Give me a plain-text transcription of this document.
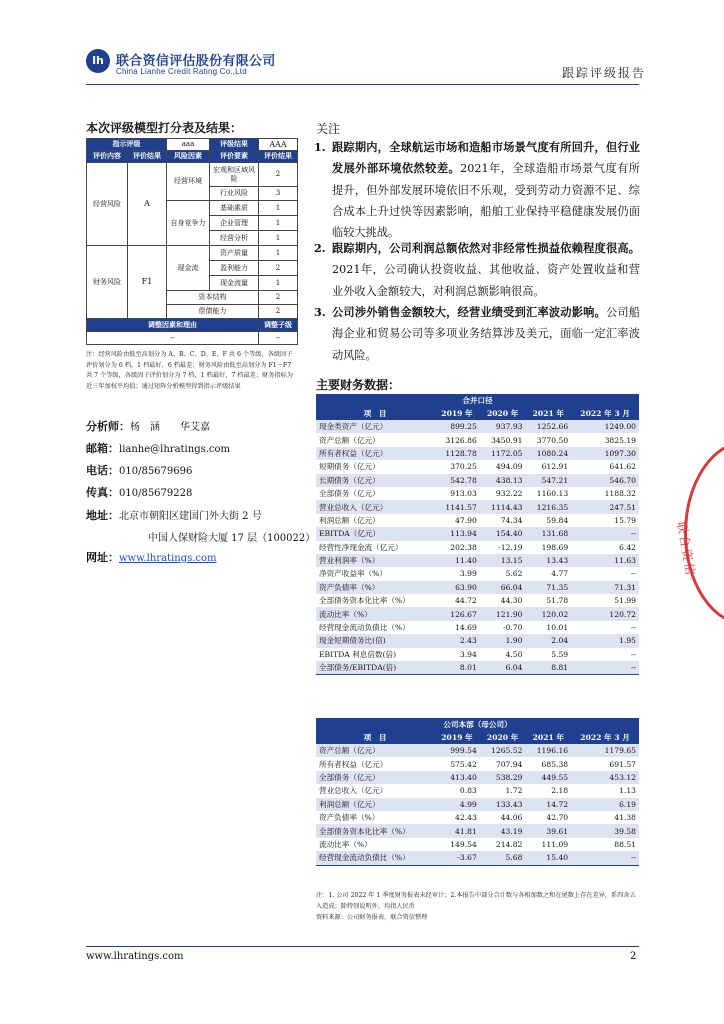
lh 联合资信评估股份有限公司
China Lianhe Credit Rating Co.,Ltd	跟踪评级报告
本次评级模型打分表及结果：
指示评级		aaa	评级结果	AAA
评价内容	评价结果	风险因素	评价要素	评价结果
经营风险	A	经营环境	宏观和区域风险	2
			行业风险	3
		自身竞争力	基础素质	1
			企业管理	1
			经营分析	1
财务风险	F1	现金流	资产质量	1
			盈利能力	2
			现金流量	1
		资本结构		2
		偿债能力		2
调整因素和理由				调整子级
--				--
注：经营风险由低至高划分为 A、B、C、D、E、F 共 6 个等级，各级因子评价划分为 6 档，1 档最好，6 档最差；财务风险由低至高划分为 F1－F7 共 7 个等级，各级因子评价划分为 7 档，1 档最好，7 档最差；财务指标为近三年加权平均值；通过矩阵分析模型得到指示评级结果
分析师：杨　涵　　华艾嘉
邮箱：lianhe@lhratings.com
电话：010/85679696
传真：010/85679228
地址：北京市朝阳区建国门外大街 2 号
中国人保财险大厦 17 层（100022）
网址：www.lhratings.com
关注
1. 跟踪期内，全球航运市场和造船市场景气度有所回升，但行业发展外部环境依然较差。2021年，全球造船市场景气度有所提升，但外部发展环境依旧不乐观，受到劳动力资源不足、综合成本上升过快等因素影响，船舶工业保持平稳健康发展仍面临较大挑战。
2. 跟踪期内，公司利润总额依然对非经常性损益依赖程度很高。2021年，公司确认投资收益、其他收益、资产处置收益和营业外收入金额较大，对利润总额影响很高。
3. 公司涉外销售金额较大，经营业绩受到汇率波动影响。公司船海企业和贸易公司等多项业务结算涉及美元，面临一定汇率波动风险。
主要财务数据：
合并口径				
项　目	2019 年	2020 年	2021 年	2022 年 3 月
现金类资产（亿元）	899.25	937.93	1252.66	1249.00
资产总额（亿元）	3126.86	3450.91	3770.50	3825.19
所有者权益（亿元）	1128.78	1172.05	1080.24	1097.30
短期债务（亿元）	370.25	494.09	612.91	641.62
长期债务（亿元）	542.78	438.13	547.21	546.70
全部债务（亿元）	913.03	932.22	1160.13	1188.32
营业总收入（亿元）	1141.57	1114.43	1216.35	247.51
利润总额（亿元）	47.90	74.34	59.84	15.79
EBITDA（亿元）	113.94	154.40	131.68	--
经营性净现金流（亿元）	202.38	-12.19	198.69	6.42
营业利润率（%）	11.40	13.15	13.43	11.63
净资产收益率（%）	3.99	5.62	4.77	--
资产负债率（%）	63.90	66.04	71.35	71.31
全部债务资本化比率（%）	44.72	44.30	51.78	51.99
流动比率（%）	126.67	121.90	120.02	120.72
经营现金流动负债比（%）	14.69	-0.70	10.01	--
现金短期债务比(倍)	2.43	1.90	2.04	1.95
EBITDA 利息倍数(倍)	3.94	4.50	5.59	--
全部债务/EBITDA(倍)	8.01	6.04	8.81	--
公司本部（母公司）				
项　目	2019 年	2020 年	2021 年	2022 年 3 月
资产总额（亿元）	999.54	1265.52	1196.16	1179.65
所有者权益（亿元）	575.42	707.94	685.38	691.57
全部债务（亿元）	413.40	538.29	449.55	453.12
营业总收入（亿元）	0.83	1.72	2.18	1.13
利润总额（亿元）	4.99	133.43	14.72	6.19
资产负债率（%）	42.43	44.06	42.70	41.38
全部债务资本化比率（%）	41.81	43.19	39.61	39.58
流动比率（%）	149.54	214.82	111.09	88.51
经营现金流动负债比（%）	-3.67	5.68	15.40	--
注：1. 公司 2022 年 1 季度财务报表未经审计；2.本报告中部分合计数与各相加数之和在尾数上存在差异，系四舍五入造成；除特别说明外，均指人民币
资料来源：公司财务报表，联合资信整理
联合资信
www.lhratings.com	2
